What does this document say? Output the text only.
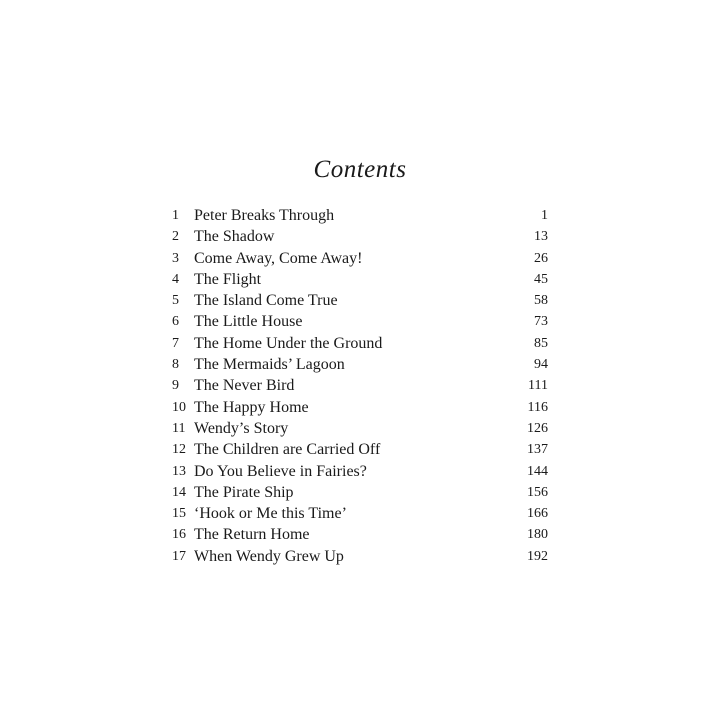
Contents
1 Peter Breaks Through	1
2 The Shadow	13
3 Come Away, Come Away!	26
4 The Flight	45
5 The Island Come True	58
6 The Little House	73
7 The Home Under the Ground	85
8 The Mermaids’ Lagoon	94
9 The Never Bird	111
10 The Happy Home	116
11 Wendy’s Story	126
12 The Children are Carried Off	137
13 Do You Believe in Fairies?	144
14 The Pirate Ship	156
15 ‘Hook or Me this Time’	166
16 The Return Home	180
17 When Wendy Grew Up	192
